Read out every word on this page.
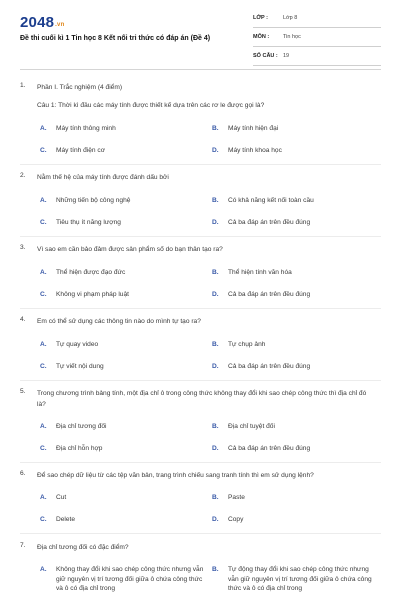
2048.vn
Đề thi cuối kì 1 Tin học 8 Kết nối tri thức có đáp án (Đề 4)
LỚP :	Lớp 8
MÔN :	Tin học
SỐ CÂU : 19
1. Phần I. Trắc nghiệm (4 điểm)
Câu 1: Thời kì đầu các máy tính được thiết kế dựa trên các rơ le được gọi là?
A. Máy tính thông minh	B. Máy tính hiện đại
C. Máy tính điện cơ	D. Máy tính khoa học
2. Nằm thế hệ của máy tính được đánh dấu bởi
A. Những tiến bộ công nghệ	B. Có khả năng kết nối toàn cầu
C. Tiêu thụ ít năng lượng	D. Cả ba đáp án trên đều đúng
3. Vì sao em cần bảo đảm được sản phẩm số do bạn thân tạo ra?
A. Thể hiện được đạo đức	B. Thể hiện tính văn hóa
C. Không vi phạm pháp luật	D. Cả ba đáp án trên đều đúng
4. Em có thể sử dụng các thông tin nào do mình tự tạo ra?
A. Tự quay video	B. Tự chụp ảnh
C. Tự viết nội dung	D. Cả ba đáp án trên đều đúng
5. Trong chương trình bảng tính, một địa chỉ ô trong công thức không thay đổi khi sao chép công thức thì địa chỉ đó là?
A. Địa chỉ tương đối	B. Địa chỉ tuyệt đối
C. Địa chỉ hỗn hợp	D. Cả ba đáp án trên đều đúng
6. Để sao chép dữ liệu từ các tệp văn bản, trang trình chiếu sang tranh tính thì em sử dụng lệnh?
A. Cut	B. Paste
C. Delete	D. Copy
7. Địa chỉ tương đối có đặc điểm?
A. Không thay đổi khi sao chép công thức nhưng vẫn giữ nguyên vị trí tương đối giữa ô chứa công thức và ô có địa chỉ trong
B. Tự động thay đổi khi sao chép công thức nhưng vẫn giữ nguyên vị trí tương đối giữa ô chứa công thức và ô có địa chỉ trong
